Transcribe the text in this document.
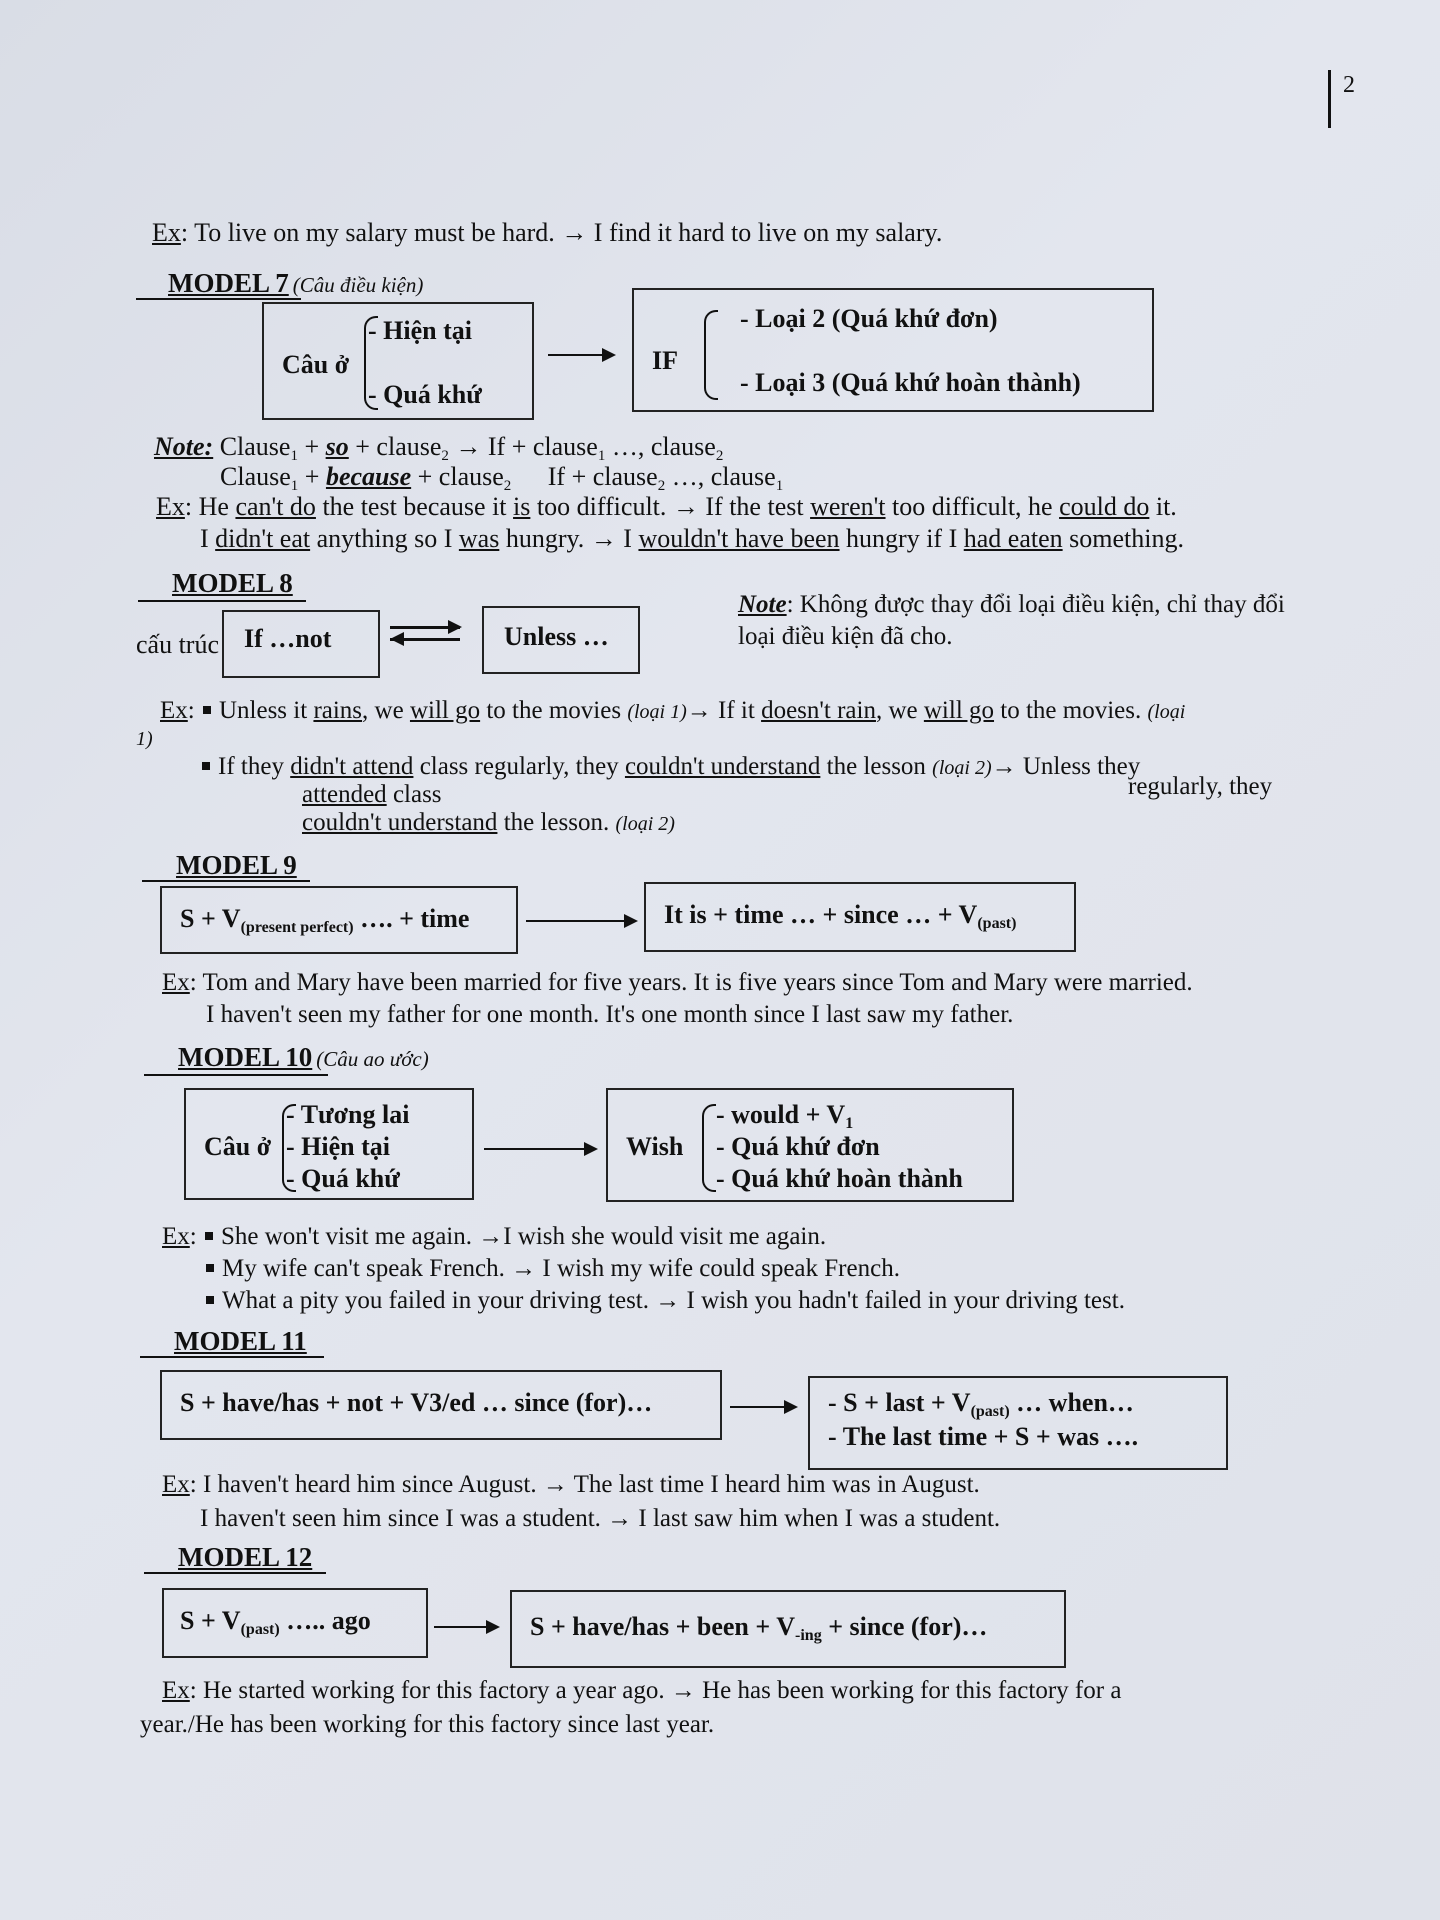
2
Ex: To live on my salary must be hard. → I find it hard to live on my salary.
MODEL 7 (Câu điều kiện)
Câu ở
- Hiện tại
- Quá khứ
IF
- Loại 2 (Quá khứ đơn)
- Loại 3 (Quá khứ hoàn thành)
Note: Clause1 + so + clause2 → If + clause1 …, clause2
Clause1 + because + clause2 If + clause2 …, clause1
Ex: He can't do the test because it is too difficult. → If the test weren't too difficult, he could do it.
I didn't eat anything so I was hungry. → I wouldn't have been hungry if I had eaten something.
MODEL 8
cấu trúc If …not	Unless …
Note: Không được thay đổi loại điều kiện, chỉ thay đổi
loại điều kiện đã cho.
Ex: Unless it rains, we will go to the movies (loại 1)→ If it doesn't rain, we will go to the movies. (loại
1)
If they didn't attend class regularly, they couldn't understand the lesson (loại 2)→ Unless they
attended class	regularly, they
couldn't understand the lesson. (loại 2)
MODEL 9
$S + V_{(present perfect)}$ …. + time	It is + time … + since … + $V_{(past)}$
Ex: Tom and Mary have been married for five years. It is five years since Tom and Mary were married.
I haven't seen my father for one month. It's one month since I last saw my father.
MODEL 10 (Câu ao ước)
Câu ở
- Tương lai
- Hiện tại
- Quá khứ
Wish
- would + $V_1$
- Quá khứ đơn
- Quá khứ hoàn thành
Ex: She won't visit me again. →I wish she would visit me again.
My wife can't speak French. → I wish my wife could speak French.
What a pity you failed in your driving test. → I wish you hadn't failed in your driving test.
MODEL 11
S + have/has + not + V3/ed … since (for)…	- S + last + $V_{(past)}$ … when…
- The last time + S + was ….
Ex: I haven't heard him since August. → The last time I heard him was in August.
I haven't seen him since I was a student. → I last saw him when I was a student.
MODEL 12
$S + V_{(past)}$ ….. ago	S + have/has + been + $V_{-ing}$ + since (for)…
Ex: He started working for this factory a year ago. → He has been working for this factory for a
year./He has been working for this factory since last year.
